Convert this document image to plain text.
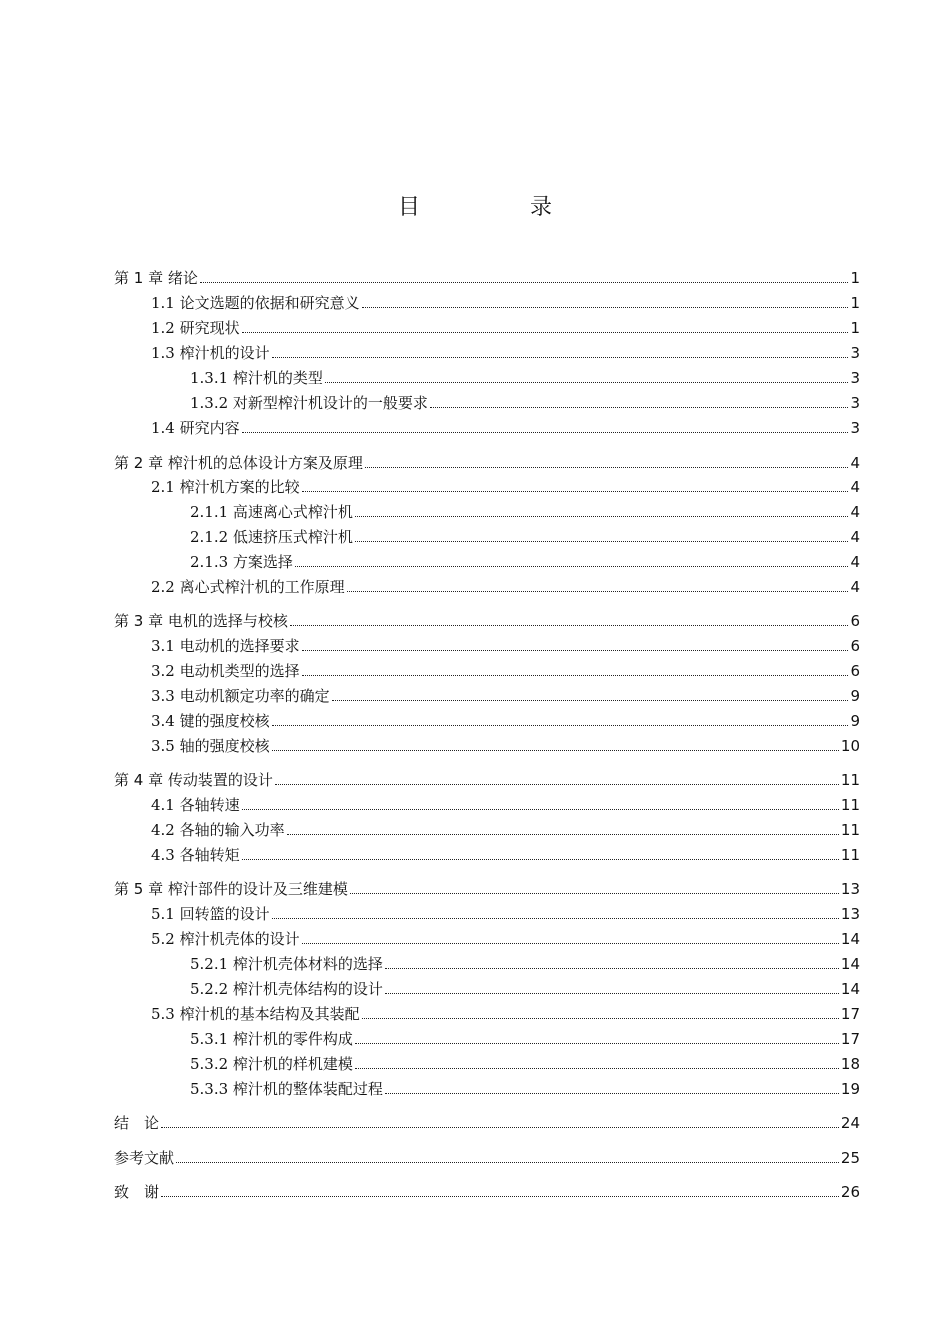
目　录
第 1 章 绪论	1
1.1 论文选题的依据和研究意义	1
1.2 研究现状	1
1.3 榨汁机的设计	3
1.3.1 榨汁机的类型	3
1.3.2 对新型榨汁机设计的一般要求	3
1.4 研究内容	3
第 2 章 榨汁机的总体设计方案及原理	4
2.1 榨汁机方案的比较	4
2.1.1 高速离心式榨汁机	4
2.1.2 低速挤压式榨汁机	4
2.1.3 方案选择	4
2.2 离心式榨汁机的工作原理	4
第 3 章 电机的选择与校核	6
3.1 电动机的选择要求	6
3.2 电动机类型的选择	6
3.3 电动机额定功率的确定	9
3.4 键的强度校核	9
3.5 轴的强度校核	10
第 4 章 传动装置的设计	11
4.1 各轴转速	11
4.2 各轴的输入功率	11
4.3 各轴转矩	11
第 5 章 榨汁部件的设计及三维建模	13
5.1 回转篮的设计	13
5.2 榨汁机壳体的设计	14
5.2.1 榨汁机壳体材料的选择	14
5.2.2 榨汁机壳体结构的设计	14
5.3 榨汁机的基本结构及其装配	17
5.3.1 榨汁机的零件构成	17
5.3.2 榨汁机的样机建模	18
5.3.3 榨汁机的整体装配过程	19
结　论	24
参考文献	25
致　谢	26
